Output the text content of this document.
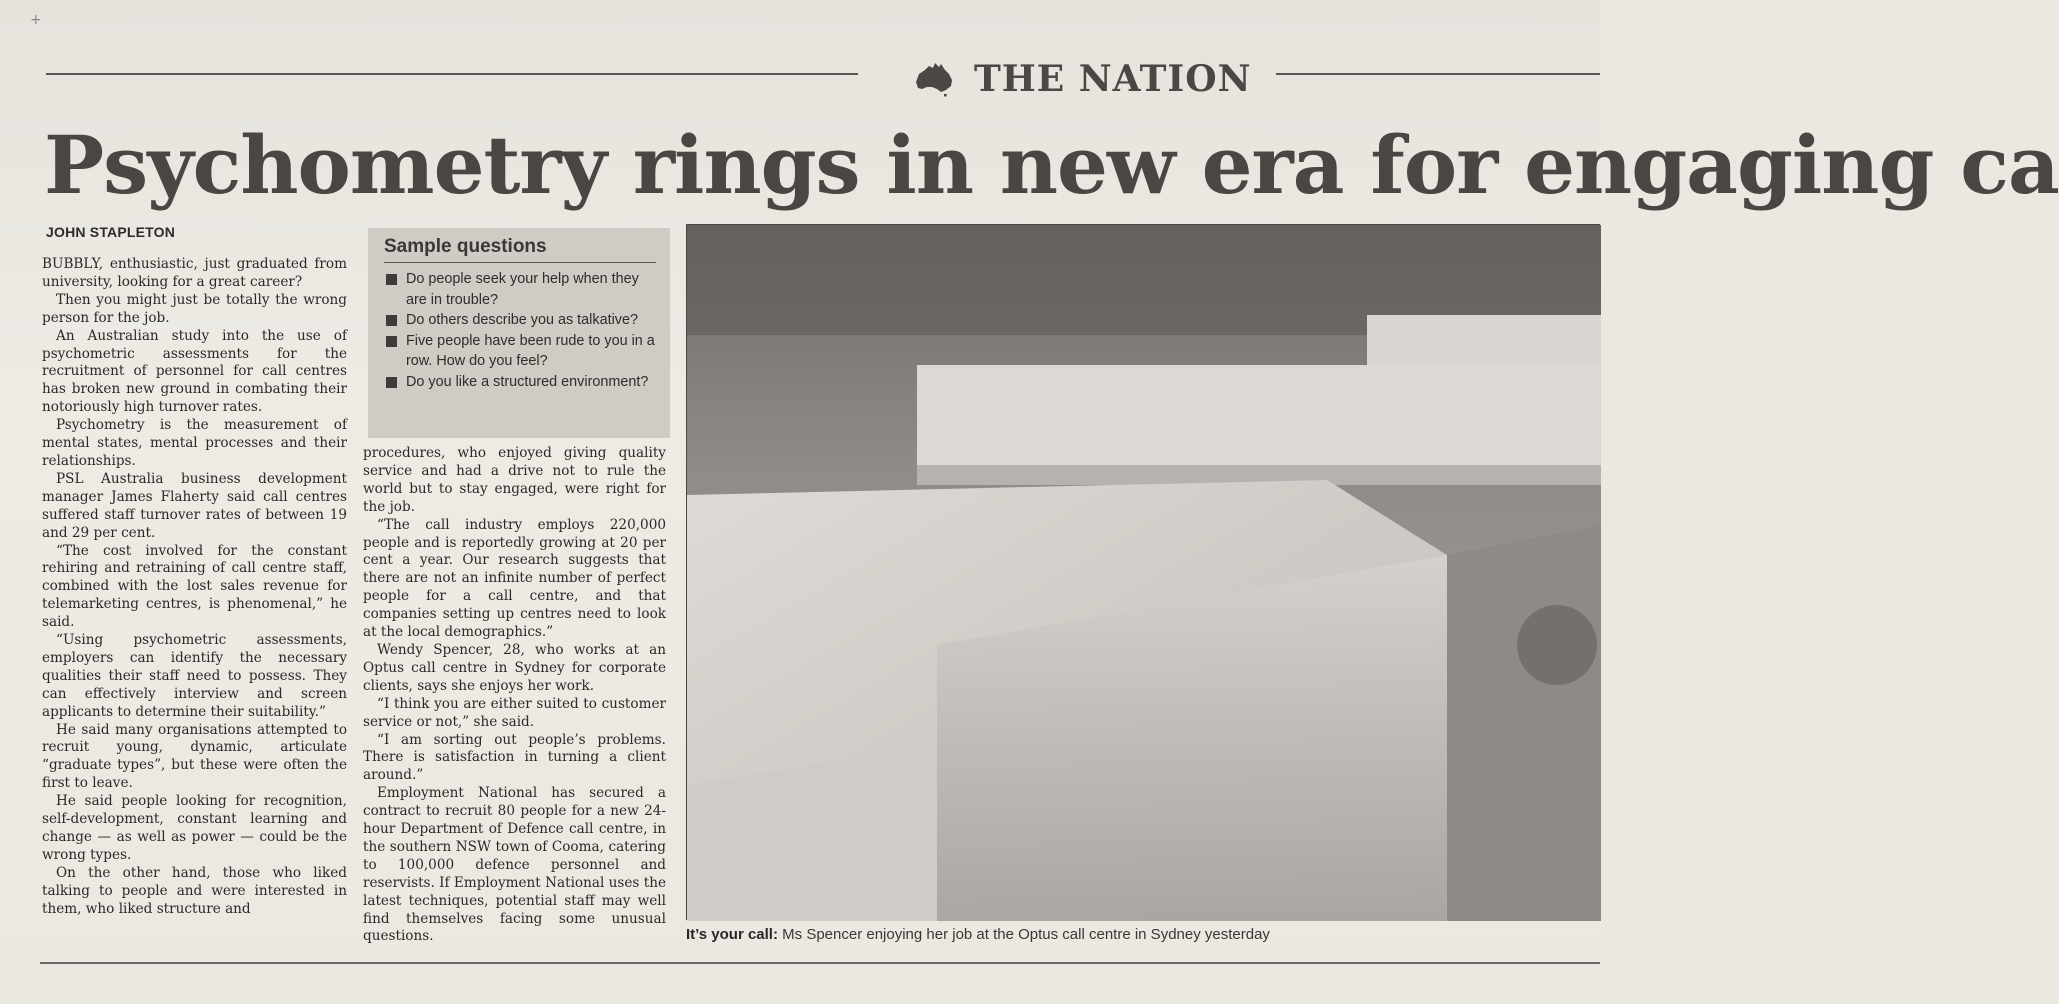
+
THE NATION
Psychometry rings in new era for engaging ca
JOHN STAPLETON

BUBBLY, enthusiastic, just graduated from university, looking for a great career?

Then you might just be totally the wrong person for the job.

An Australian study into the use of psychometric assessments for the recruitment of personnel for call centres has broken new ground in combating their notoriously high turnover rates.

Psychometry is the measurement of mental states, mental processes and their relationships.

PSL Australia business development manager James Flaherty said call centres suffered staff turnover rates of between 19 and 29 per cent.

“The cost involved for the constant rehiring and retraining of call centre staff, combined with the lost sales revenue for telemarketing centres, is phenomenal,” he said.

“Using psychometric assessments, employers can identify the necessary qualities their staff need to possess. They can effectively interview and screen applicants to determine their suitability.”

He said many organisations attempted to recruit young, dynamic, articulate “graduate types”, but these were often the first to leave.

He said people looking for recognition, self-development, constant learning and change — as well as power — could be the wrong types.

On the other hand, those who liked talking to people and were interested in them, who liked structure and

Sample questions
Do people seek your help when they are in trouble?
Do others describe you as talkative?
Five people have been rude to you in a row. How do you feel?
Do you like a structured environment?

procedures, who enjoyed giving quality service and had a drive not to rule the world but to stay engaged, were right for the job.

“The call industry employs 220,000 people and is reportedly growing at 20 per cent a year. Our research suggests that there are not an infinite number of perfect people for a call centre, and that companies setting up centres need to look at the local demographics.”

Wendy Spencer, 28, who works at an Optus call centre in Sydney for corporate clients, says she enjoys her work.

“I think you are either suited to customer service or not,” she said.

“I am sorting out people’s problems. There is satisfaction in turning a client around.”

Employment National has secured a contract to recruit 80 people for a new 24-hour Department of Defence call centre, in the southern NSW town of Cooma, catering to 100,000 defence personnel and reservists. If Employment National uses the latest techniques, potential staff may well find themselves facing some unusual questions.	It’s your call: Ms Spencer enjoying her job at the Optus call centre in Sydney yesterday
